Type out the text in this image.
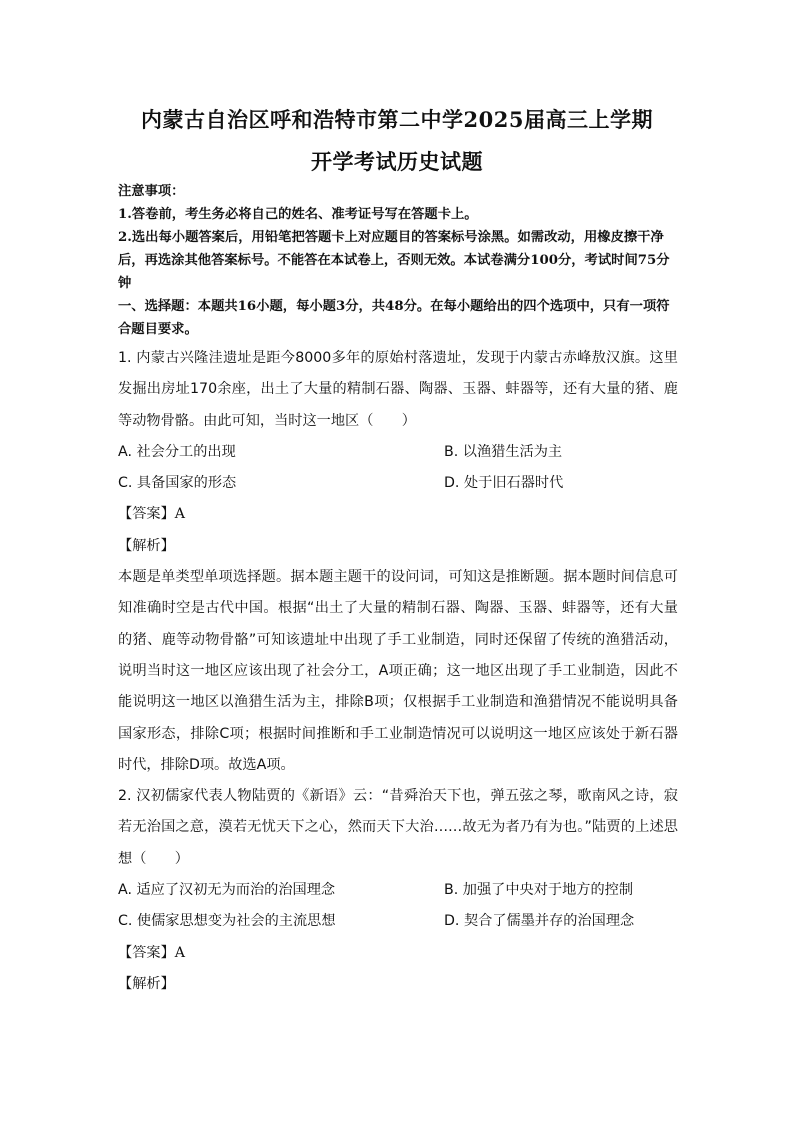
内蒙古自治区呼和浩特市第二中学2025届高三上学期
开学考试历史试题
注意事项：
1.答卷前，考生务必将自己的姓名、准考证号写在答题卡上。
2.选出每小题答案后，用铅笔把答题卡上对应题目的答案标号涂黑。如需改动，用橡皮擦干净后，再选涂其他答案标号。不能答在本试卷上，否则无效。本试卷满分100分，考试时间75分钟
一、选择题：本题共16小题，每小题3分，共48分。在每小题给出的四个选项中，只有一项符合题目要求。

1. 内蒙古兴隆洼遗址是距今8000多年的原始村落遗址，发现于内蒙古赤峰敖汉旗。这里发掘出房址170余座，出土了大量的精制石器、陶器、玉器、蚌器等，还有大量的猪、鹿等动物骨骼。由此可知，当时这一地区（　　）

A. 社会分工的出现	B. 以渔猎生活为主
C. 具备国家的形态	D. 处于旧石器时代

【答案】A

【解析】

本题是单类型单项选择题。据本题主题干的设问词，可知这是推断题。据本题时间信息可知准确时空是古代中国。根据“出土了大量的精制石器、陶器、玉器、蚌器等，还有大量的猪、鹿等动物骨骼”可知该遗址中出现了手工业制造，同时还保留了传统的渔猎活动，说明当时这一地区应该出现了社会分工，A项正确；这一地区出现了手工业制造，因此不能说明这一地区以渔猎生活为主，排除B项；仅根据手工业制造和渔猎情况不能说明具备国家形态，排除C项；根据时间推断和手工业制造情况可以说明这一地区应该处于新石器时代，排除D项。故选A项。

2. 汉初儒家代表人物陆贾的《新语》云：“昔舜治天下也，弹五弦之琴，歌南风之诗，寂若无治国之意，漠若无忧天下之心，然而天下大治……故无为者乃有为也。”陆贾的上述思想（　　）

A. 适应了汉初无为而治的治国理念	B. 加强了中央对于地方的控制
C. 使儒家思想变为社会的主流思想	D. 契合了儒墨并存的治国理念

【答案】A

【解析】
